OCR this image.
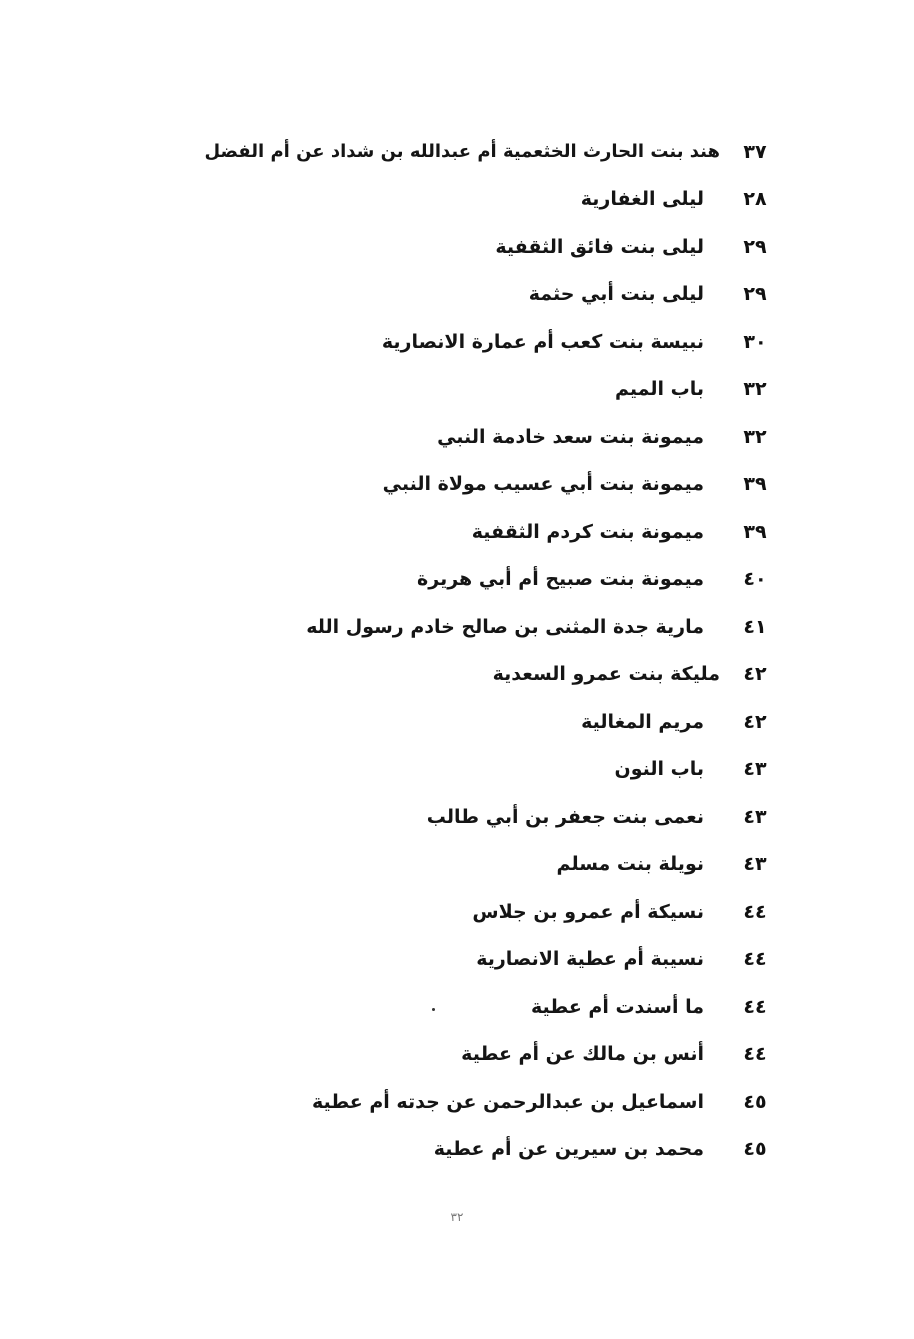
٣٧
هند بنت الحارث الخثعمية أم عبدالله بن شداد عن أم الفضل
٢٨
ليلى الغفارية
٢٩
ليلى بنت فائق الثقفية
٢٩
ليلى بنت أبي حثمة
٣٠
نبيسة بنت كعب أم عمارة الانصارية
٣٢
باب الميم
٣٢
ميمونة بنت سعد خادمة النبي
٣٩
ميمونة بنت أبي عسيب مولاة النبي
٣٩
ميمونة بنت كردم الثقفية
٤٠
ميمونة بنت صبيح أم أبي هريرة
٤١
مارية جدة المثنى بن صالح خادم رسول الله
٤٢
مليكة بنت عمرو السعدية
٤٢
مريم المغالية
٤٣
باب النون
٤٣
نعمى بنت جعفر بن أبي طالب
٤٣
نويلة بنت مسلم
٤٤
نسيكة أم عمرو بن جلاس
٤٤
نسيبة أم عطية الانصارية
٤٤
ما أسندت أم عطية
٤٤
أنس بن مالك عن أم عطية
٤٥
اسماعيل بن عبدالرحمن عن جدته أم عطية
٤٥
محمد بن سيرين عن أم عطية
٣٢
